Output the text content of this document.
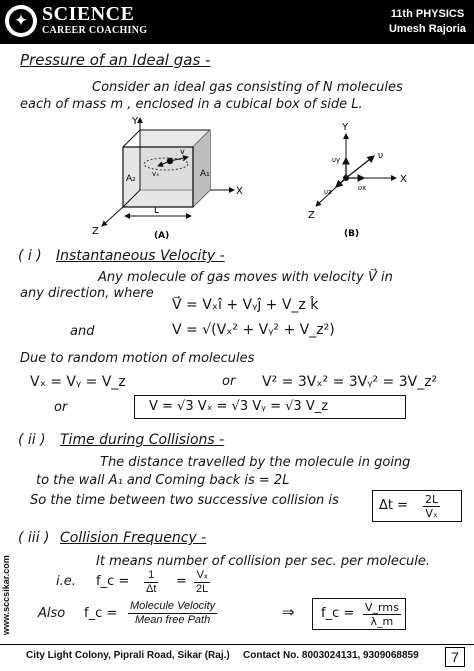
✦ SCIENCE
CAREER COACHING
11th PHYSICS
Umesh Rajoria
Pressure of an Ideal gas -
Consider an ideal gas consisting of N molecules
each of mass m , enclosed in a cubical box of side L.
Y
X
Z
A₂	A₁
L
v
vₓ
(A)
Y
X
Z
υ
υy
υx
υz
(B)
( i ) Instantaneous Velocity -
Any molecule of gas moves with velocity V⃗ in
any direction, where
V⃗ = Vₓî + Vᵧĵ + V_z k̂
and	V = √(Vₓ² + Vᵧ² + V_z²)
Due to random motion of molecules
Vₓ = Vᵧ = V_z	or V² = 3Vₓ² = 3Vᵧ² = 3V_z²
or	V = √3 Vₓ = √3 Vᵧ = √3 V_z
( ii ) Time during Collisions -
The distance travelled by the molecule in going
to the wall A₁ and Coming back is = 2L
So the time between two successive collision is	$\Delta t = \frac{2L}{\text{Vₓ}}$
( iii ) Collision Frequency -
It means number of collision per sec. per molecule.
i.e. f_c = $\frac{1}{\Delta t} = \frac{\text{Vₓ}}{2L}$
Also f_c = Molecule Velocity
Mean free Path	⇒ f_c = V_rms
λ_m
www.sccsikar.com
City Light Colony, Piprali Road, Sikar (Raj.) Contact No. 8003024131, 9309068859	7
